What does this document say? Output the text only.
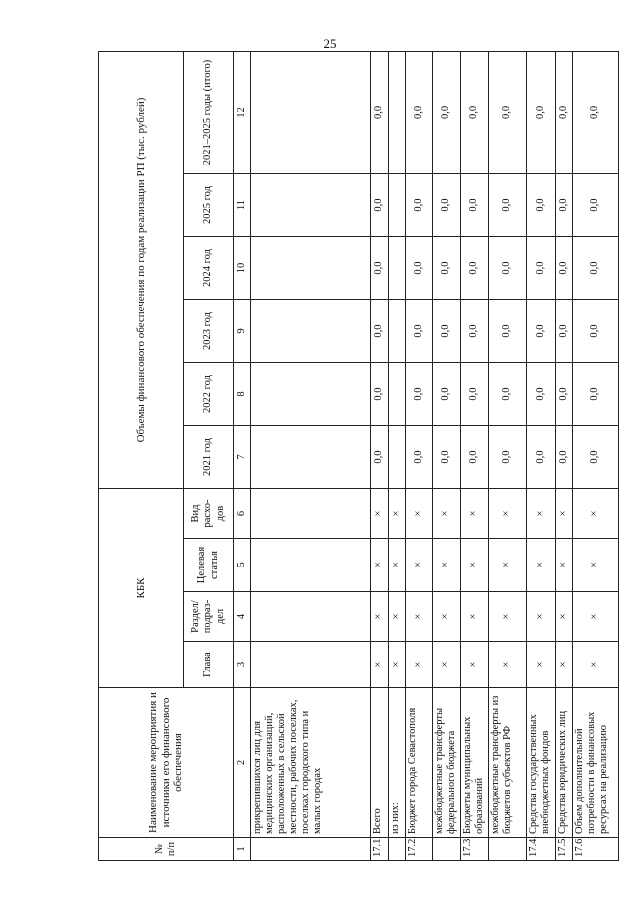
25
№ п/п	Наименование мероприятия и источники его финансового обеспечения	КБК				Объемы финансового обеспечения по годам реализации РП (тыс. рублей)					
		Глава	Раздел/ подраз- дел	Целевая статья	Вид расхо- дов	2021 год	2022 год	2023 год	2024 год	2025 год	2021–2025 годы (итого)
1	2	3	4	5	6	7	8	9	10	11	12
	прикрепившихся лиц для медицинских организаций, расположенных в сельской местности, рабочих поселках, поселках городского типа и малых городах										
17.1.	Всего	×	×	×	×	0,0	0,0	0,0	0,0	0,0	0,0
	из них:	×	×	×	×						
17.2.	Бюджет города Севастополя	×	×	×	×	0,0	0,0	0,0	0,0	0,0	0,0
	межбюджетные трансферты федерального бюджета	×	×	×	×	0,0	0,0	0,0	0,0	0,0	0,0
17.3.	Бюджеты муниципальных образований	×	×	×	×	0,0	0,0	0,0	0,0	0,0	0,0
	межбюджетные трансферты из бюджетов субъектов РФ	×	×	×	×	0,0	0,0	0,0	0,0	0,0	0,0
17.4.	Средства государственных внебюджетных фондов	×	×	×	×	0,0	0,0	0,0	0,0	0,0	0,0
17.5.	Средства юридических лиц	×	×	×	×	0,0	0,0	0,0	0,0	0,0	0,0
17.6.	Объем дополнительной потребности в финансовых ресурсах на реализацию	×	×	×	×	0,0	0,0	0,0	0,0	0,0	0,0
